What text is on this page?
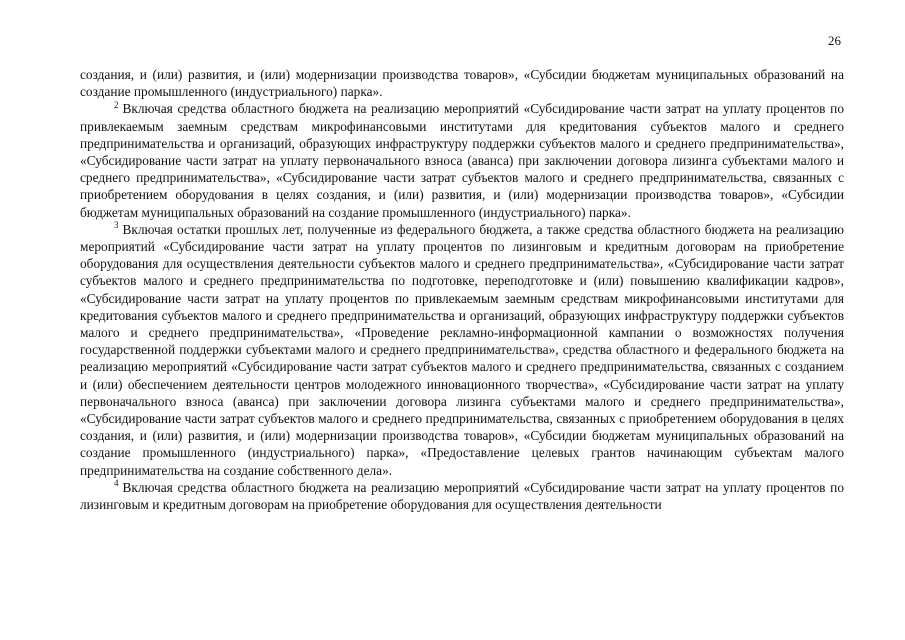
26

создания, и (или) развития, и (или) модернизации производства товаров», «Субсидии бюджетам муниципальных образований на создание промышленного (индустриального) парка».

$^2$ Включая средства областного бюджета на реализацию мероприятий «Субсидирование части затрат на уплату процентов по привлекаемым заемным средствам микрофинансовыми институтами для кредитования субъектов малого и среднего предпринимательства и организаций, образующих инфраструктуру поддержки субъектов малого и среднего предпринимательства», «Субсидирование части затрат на уплату первоначального взноса (аванса) при заключении договора лизинга субъектами малого и среднего предпринимательства», «Субсидирование части затрат субъектов малого и среднего предпринимательства, связанных с приобретением оборудования в целях создания, и (или) развития, и (или) модернизации производства товаров», «Субсидии бюджетам муниципальных образований на создание промышленного (индустриального) парка».

$^3$ Включая остатки прошлых лет, полученные из федерального бюджета, а также средства областного бюджета на реализацию мероприятий «Субсидирование части затрат на уплату процентов по лизинговым и кредитным договорам на приобретение оборудования для осуществления деятельности субъектов малого и среднего предпринимательства», «Субсидирование части затрат субъектов малого и среднего предпринимательства по подготовке, переподготовке и (или) повышению квалификации кадров», «Субсидирование части затрат на уплату процентов по привлекаемым заемным средствам микрофинансовыми институтами для кредитования субъектов малого и среднего предпринимательства и организаций, образующих инфраструктуру поддержки субъектов малого и среднего предпринимательства», «Проведение рекламно-информационной кампании о возможностях получения государственной поддержки субъектами малого и среднего предпринимательства», средства областного и федерального бюджета на реализацию мероприятий «Субсидирование части затрат субъектов малого и среднего предпринимательства, связанных с созданием и (или) обеспечением деятельности центров молодежного инновационного творчества», «Субсидирование части затрат на уплату первоначального взноса (аванса) при заключении договора лизинга субъектами малого и среднего предпринимательства», «Субсидирование части затрат субъектов малого и среднего предпринимательства, связанных с приобретением оборудования в целях создания, и (или) развития, и (или) модернизации производства товаров», «Субсидии бюджетам муниципальных образований на создание промышленного (индустриального) парка», «Предоставление целевых грантов начинающим субъектам малого предпринимательства на создание собственного дела».

$^4$ Включая средства областного бюджета на реализацию мероприятий «Субсидирование части затрат на уплату процентов по лизинговым и кредитным договорам на приобретение оборудования для осуществления деятельности
